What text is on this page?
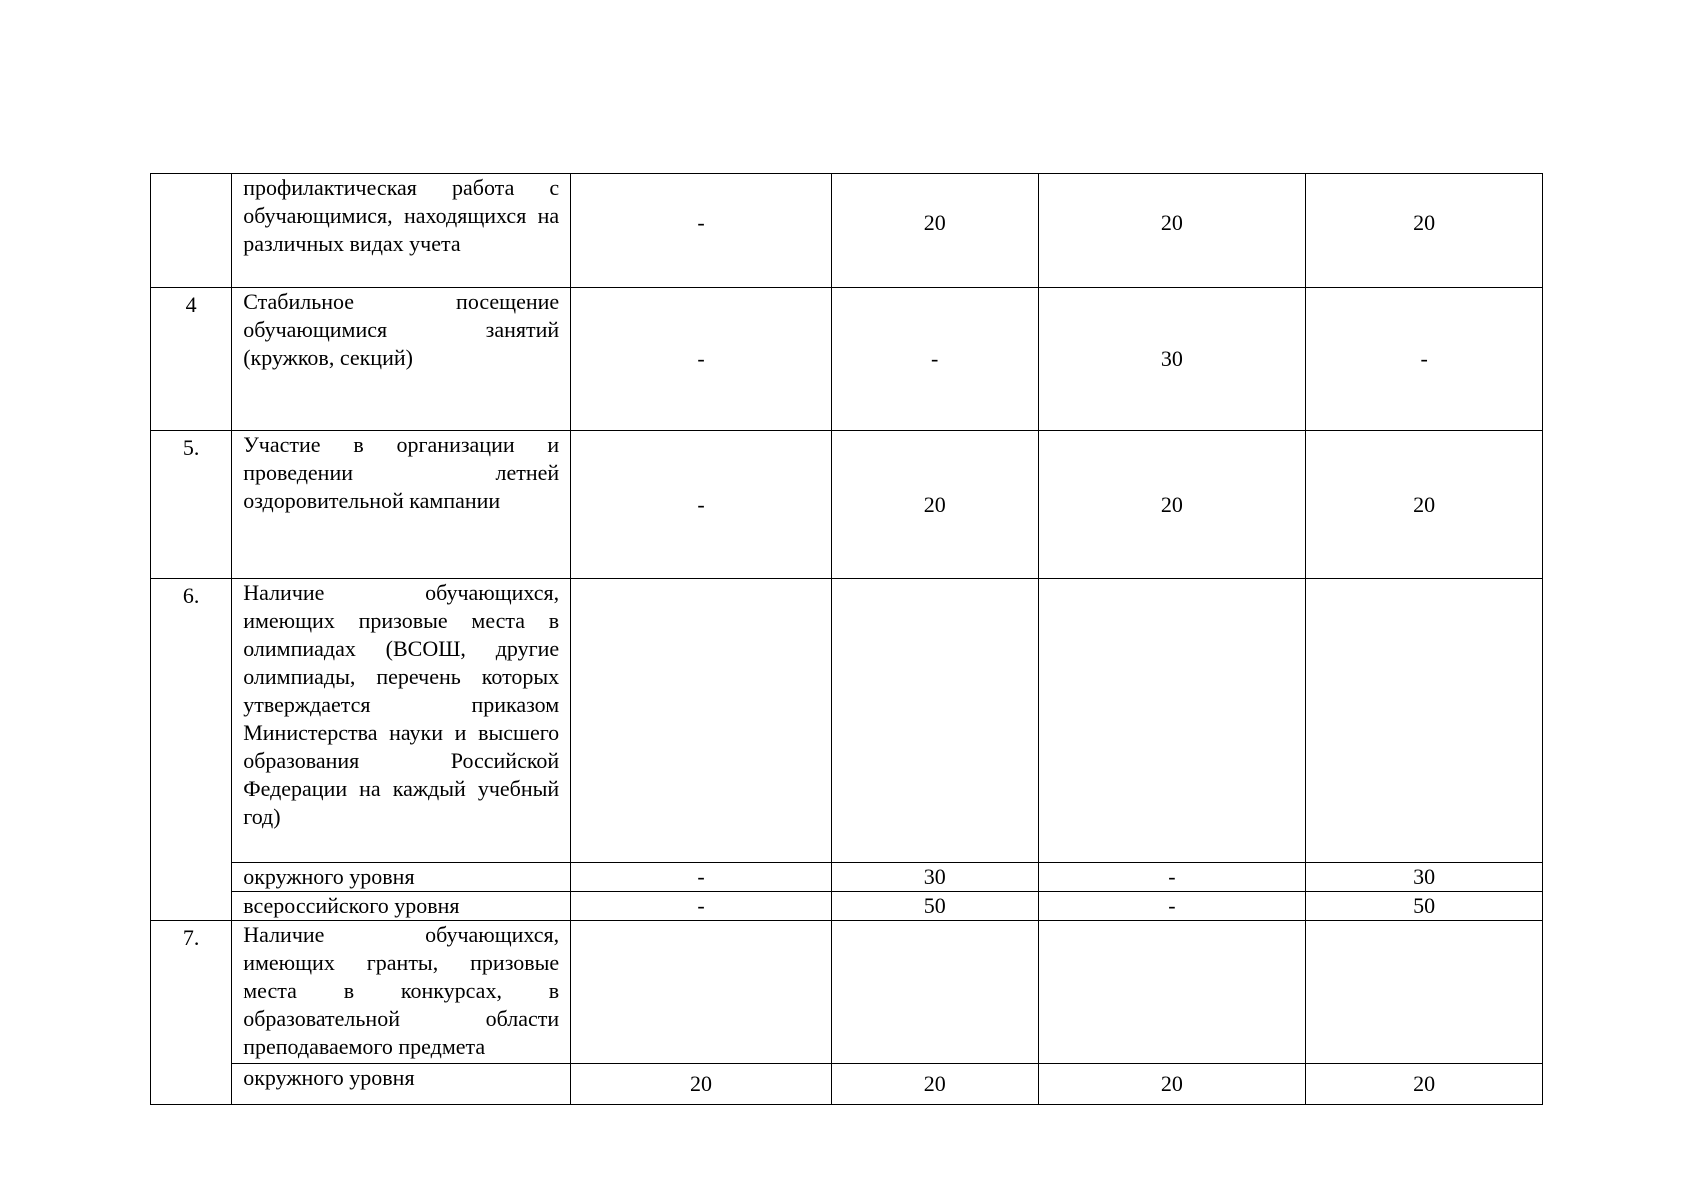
	профилактическая работа с обучающимися, находящихся на различных видах учета	-	20	20	20
4	Стабильное посещение обучающимися занятий (кружков, секций)	-	-	30	-
5.	Участие в организации и проведении летней оздоровительной кампании	-	20	20	20
6.	Наличие обучающихся, имеющих призовые места в олимпиадах (ВСОШ, другие олимпиады, перечень которых утверждается приказом Министерства науки и высшего образования Российской Федерации на каждый учебный год)				
	окружного уровня	-	30	-	30
	всероссийского уровня	-	50	-	50
7.	Наличие обучающихся, имеющих гранты, призовые места в конкурсах, в образовательной области преподаваемого предмета				
	окружного уровня	20	20	20	20
